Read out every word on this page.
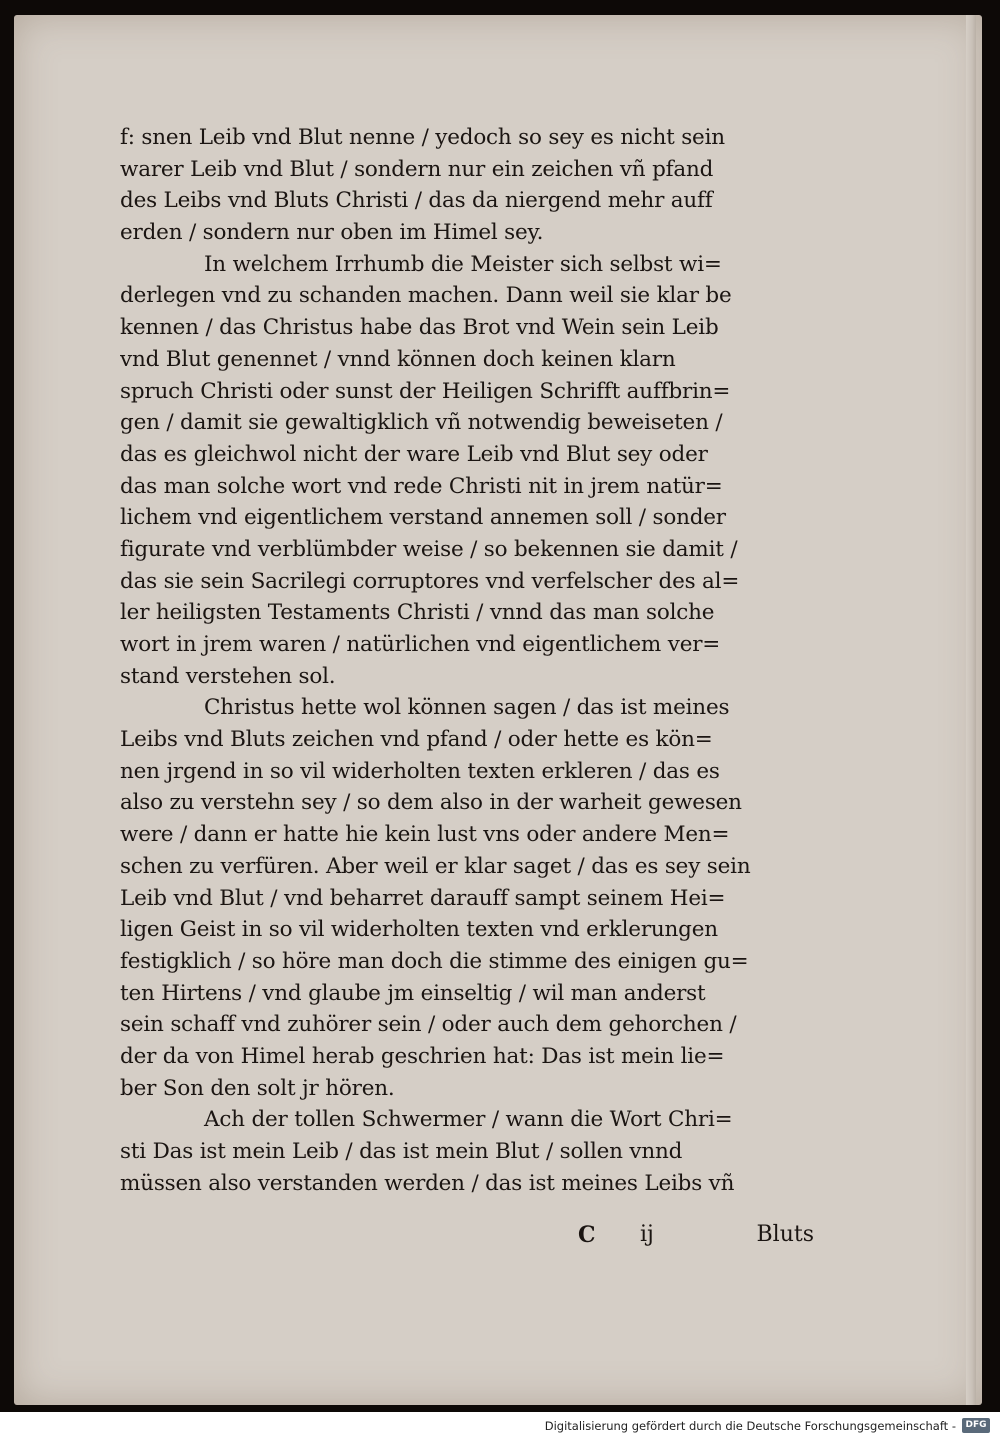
f: snen Leib vnd Blut nenne / yedoch so sey es nicht sein
warer Leib vnd Blut / sondern nur ein zeichen vñ pfand
des Leibs vnd Bluts Christi / das da niergend mehr auff
erden / sondern nur oben im Himel sey.
In welchem Irrhumb die Meister sich selbst wi=
derlegen vnd zu schanden machen. Dann weil sie klar be
kennen / das Christus habe das Brot vnd Wein sein Leib
vnd Blut genennet / vnnd können doch keinen klarn
spruch Christi oder sunst der Heiligen Schrifft auffbrin=
gen / damit sie gewaltigklich vñ notwendig beweiseten /
das es gleichwol nicht der ware Leib vnd Blut sey oder
das man solche wort vnd rede Christi nit in jrem natür=
lichem vnd eigentlichem verstand annemen soll / sonder
figurate vnd verblümbder weise / so bekennen sie damit /
das sie sein Sacrilegi corruptores vnd verfelscher des al=
ler heiligsten Testaments Christi / vnnd das man solche
wort in jrem waren / natürlichen vnd eigentlichem ver=
stand verstehen sol.
Christus hette wol können sagen / das ist meines
Leibs vnd Bluts zeichen vnd pfand / oder hette es kön=
nen jrgend in so vil widerholten texten erkleren / das es
also zu verstehn sey / so dem also in der warheit gewesen
were / dann er hatte hie kein lust vns oder andere Men=
schen zu verfüren. Aber weil er klar saget / das es sey sein
Leib vnd Blut / vnd beharret darauff sampt seinem Hei=
ligen Geist in so vil widerholten texten vnd erklerungen
festigklich / so höre man doch die stimme des einigen gu=
ten Hirtens / vnd glaube jm einseltig / wil man anderst
sein schaff vnd zuhörer sein / oder auch dem gehorchen /
der da von Himel herab geschrien hat: Das ist mein lie=
ber Son den solt jr hören.
Ach der tollen Schwermer / wann die Wort Chri=
sti Das ist mein Leib / das ist mein Blut / sollen vnnd
müssen also verstanden werden / das ist meines Leibs vñ
C ij	Bluts
Digitalisierung gefördert durch die Deutsche Forschungsgemeinschaft -	DFG
